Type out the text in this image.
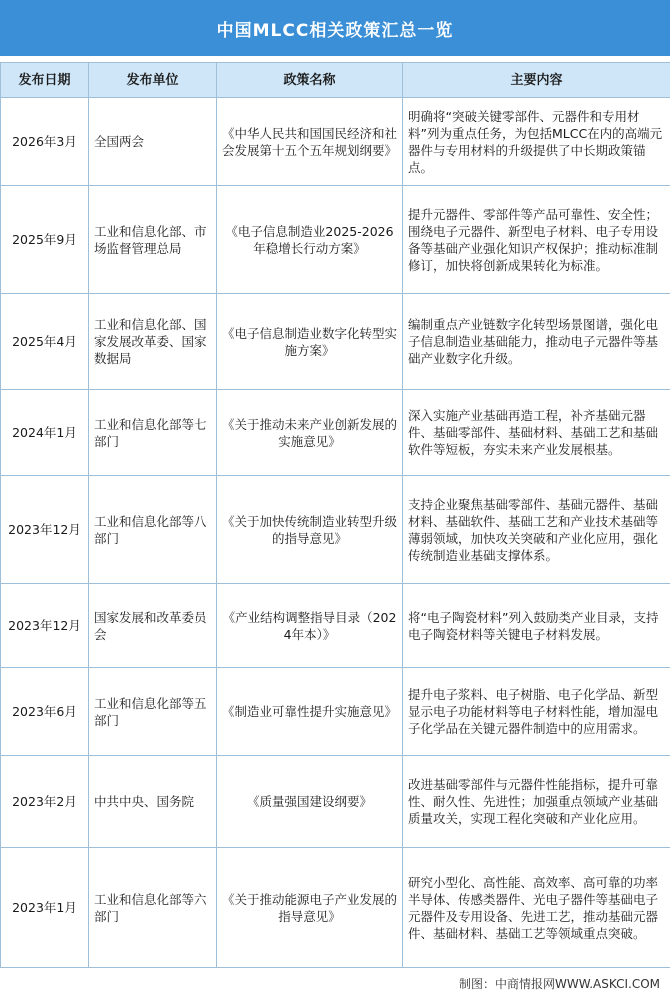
中国MLCC相关政策汇总一览
发布日期	发布单位	政策名称	主要内容
2026年3月	全国两会	《中华人民共和国国民经济和社会发展第十五个五年规划纲要》	明确将“突破关键零部件、元器件和专用材料”列为重点任务，为包括MLCC在内的高端元器件与专用材料的升级提供了中长期政策锚点。
2025年9月	工业和信息化部、市场监督管理总局	《电子信息制造业2025-2026年稳增长行动方案》	提升元器件、零部件等产品可靠性、安全性；围绕电子元器件、新型电子材料、电子专用设备等基础产业强化知识产权保护；推动标准制修订，加快将创新成果转化为标准。
2025年4月	工业和信息化部、国家发展改革委、国家数据局	《电子信息制造业数字化转型实施方案》	编制重点产业链数字化转型场景图谱，强化电子信息制造业基础能力，推动电子元器件等基础产业数字化升级。
2024年1月	工业和信息化部等七部门	《关于推动未来产业创新发展的实施意见》	深入实施产业基础再造工程，补齐基础元器件、基础零部件、基础材料、基础工艺和基础软件等短板，夯实未来产业发展根基。
2023年12月	工业和信息化部等八部门	《关于加快传统制造业转型升级的指导意见》	支持企业聚焦基础零部件、基础元器件、基础材料、基础软件、基础工艺和产业技术基础等薄弱领域，加快攻关突破和产业化应用，强化传统制造业基础支撑体系。
2023年12月	国家发展和改革委员会	《产业结构调整指导目录（2024年本）》	将“电子陶瓷材料”列入鼓励类产业目录，支持电子陶瓷材料等关键电子材料发展。
2023年6月	工业和信息化部等五部门	《制造业可靠性提升实施意见》	提升电子浆料、电子树脂、电子化学品、新型显示电子功能材料等电子材料性能，增加湿电子化学品在关键元器件制造中的应用需求。
2023年2月	中共中央、国务院	《质量强国建设纲要》	改进基础零部件与元器件性能指标，提升可靠性、耐久性、先进性；加强重点领域产业基础质量攻关，实现工程化突破和产业化应用。
2023年1月	工业和信息化部等六部门	《关于推动能源电子产业发展的指导意见》	研究小型化、高性能、高效率、高可靠的功率半导体、传感类器件、光电子器件等基础电子元器件及专用设备、先进工艺，推动基础元器件、基础材料、基础工艺等领域重点突破。
制图：中商情报网WWW.ASKCI.COM
